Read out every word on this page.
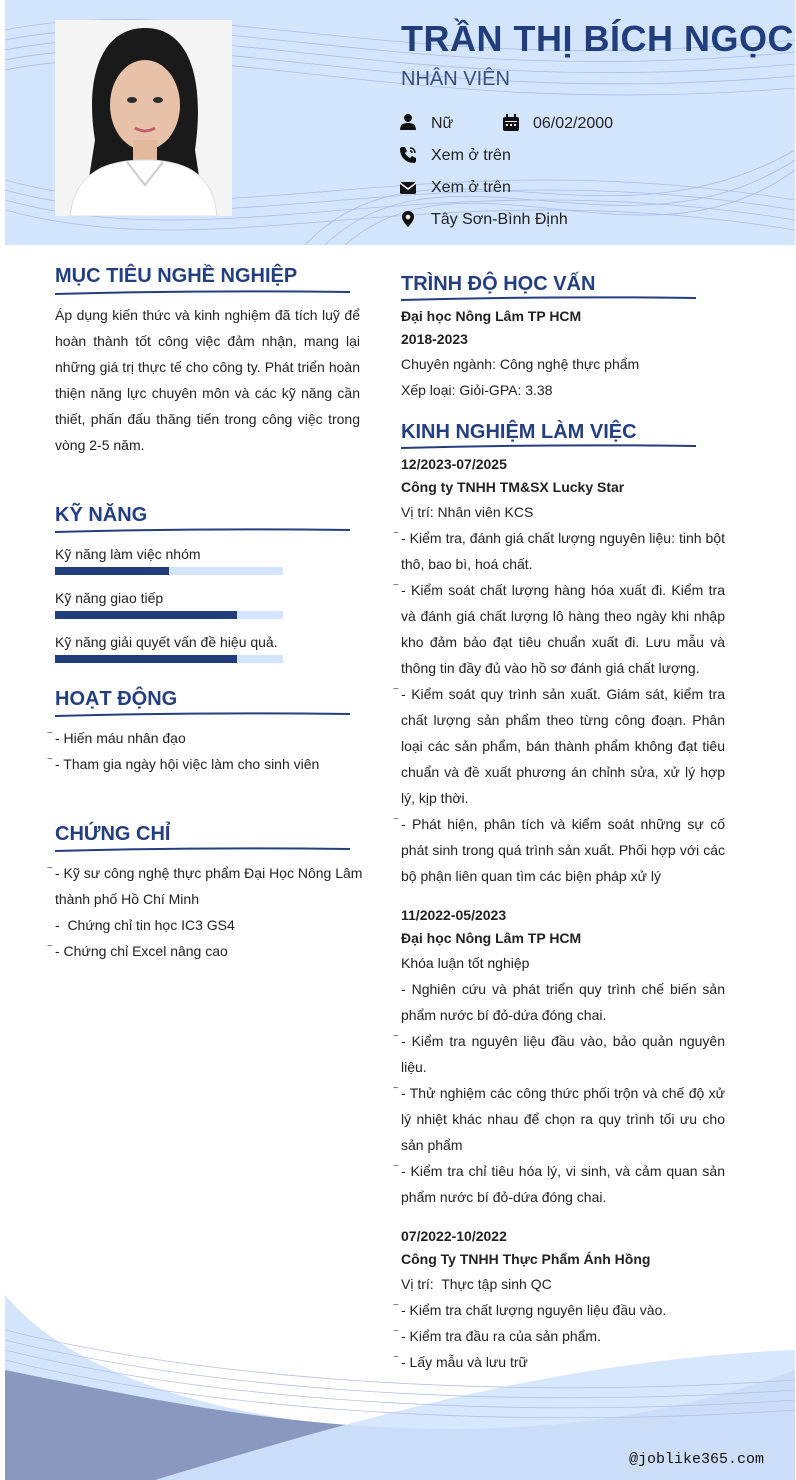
TRẦN THỊ BÍCH NGỌC
NHÂN VIÊN
Nữ	06/02/2000
Xem ở trên
Xem ở trên
Tây Sơn-Bình Định
MỤC TIÊU NGHỀ NGHIỆP
Áp dụng kiến thức và kinh nghiệm đã tích luỹ để hoàn thành tốt công việc đảm nhận, mang lại những giá trị thực tế cho công ty. Phát triển hoàn thiện năng lực chuyên môn và các kỹ năng cần thiết, phấn đấu thăng tiến trong công việc trong vòng 2-5 năm.
KỸ NĂNG
Kỹ năng làm việc nhóm
Kỹ năng giao tiếp
Kỹ năng giải quyết vấn đề hiệu quả.
HOẠT ĐỘNG
~ - Hiến máu nhân đạo
~ - Tham gia ngày hội việc làm cho sinh viên
CHỨNG CHỈ
~ - Kỹ sư công nghệ thực phẩm Đại Học Nông Lâm
thành phố Hồ Chí Minh
-  Chứng chỉ tin học IC3 GS4
~ - Chứng chỉ Excel nâng cao
TRÌNH ĐỘ HỌC VẤN
Đại học Nông Lâm TP HCM
2018-2023
Chuyên ngành: Công nghệ thực phẩm
Xếp loại: Giỏi-GPA: 3.38
KINH NGHIỆM LÀM VIỆC
12/2023-07/2025
Công ty TNHH TM&SX Lucky Star
Vị trí: Nhân viên KCS
~ - Kiểm tra, đánh giá chất lượng nguyên liệu: tinh bột thô, bao bì, hoá chất.
~ - Kiểm soát chất lượng hàng hóa xuất đi. Kiểm tra và đánh giá chất lượng lô hàng theo ngày khi nhập kho đảm bảo đạt tiêu chuẩn xuất đi. Lưu mẫu và thông tin đầy đủ vào hồ sơ đánh giá chất lượng.
~ - Kiểm soát quy trình sản xuất. Giám sát, kiểm tra chất lượng sản phẩm theo từng công đoạn. Phân loại các sản phẩm, bán thành phẩm không đạt tiêu chuẩn và đề xuất phương án chỉnh sửa, xử lý hợp lý, kịp thời.
~ - Phát hiện, phân tích và kiểm soát những sự cố phát sinh trong quá trình sản xuất. Phối hợp với các bộ phận liên quan tìm các biện pháp xử lý
11/2022-05/2023
Đại học Nông Lâm TP HCM
Khóa luận tốt nghiệp
- Nghiên cứu và phát triển quy trình chế biến sản phẩm nước bí đỏ-dứa đóng chai.
~ - Kiểm tra nguyên liệu đầu vào, bảo quản nguyên liệu.
~ - Thử nghiệm các công thức phối trộn và chế độ xử lý nhiệt khác nhau để chọn ra quy trình tối ưu cho sản phẩm
~ - Kiểm tra chỉ tiêu hóa lý, vi sinh, và cảm quan sản phẩm nước bí đỏ-dứa đóng chai.
07/2022-10/2022
Công Ty TNHH Thực Phẩm Ánh Hồng
Vị trí:  Thực tập sinh QC
~ - Kiểm tra chất lượng nguyên liệu đầu vào.
~ - Kiểm tra đầu ra của sản phẩm.
~ - Lấy mẫu và lưu trữ
@joblike365.com
